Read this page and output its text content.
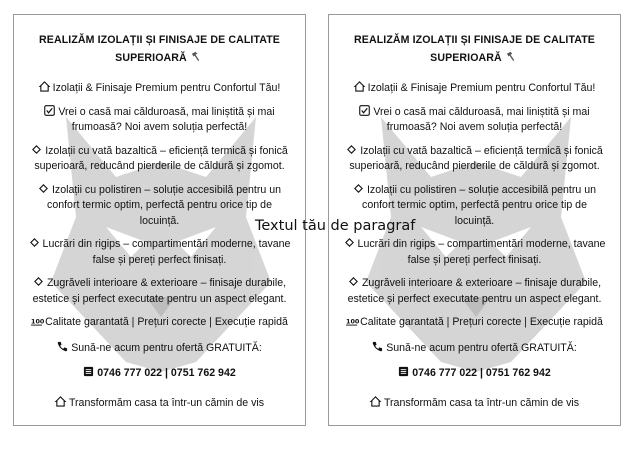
REALIZĂM IZOLAȚII ȘI FINISAJE DE CALITATE
SUPERIOARĂ
Izolații & Finisaje Premium pentru Confortul Tău!
Vrei o casă mai călduroasă, mai liniștită și mai frumoasă? Noi avem soluția perfectă!
Izolații cu vată bazaltică – eficiență termică și fonică superioară, reducând pierderile de căldură și zgomot.
Izolații cu polistiren – soluție accesibilă pentru un confort termic optim, perfectă pentru orice tip de locuință.
Lucrări din rigips – compartimentări moderne, tavane false și pereți perfect finisați.
Zugrăveli interioare & exterioare – finisaje durabile, estetice și perfect executate pentru un aspect elegant.
100 Calitate garantată | Prețuri corecte | Execuție rapidă
Sună-ne acum pentru ofertă GRATUITĂ:
0746 777 022 | 0751 762 942
Transformăm casa ta într-un cămin de vis
REALIZĂM IZOLAȚII ȘI FINISAJE DE CALITATE
SUPERIOARĂ
Izolații & Finisaje Premium pentru Confortul Tău!
Vrei o casă mai călduroasă, mai liniștită și mai frumoasă? Noi avem soluția perfectă!
Izolații cu vată bazaltică – eficiență termică și fonică superioară, reducând pierderile de căldură și zgomot.
Izolații cu polistiren – soluție accesibilă pentru un confort termic optim, perfectă pentru orice tip de locuință.
Lucrări din rigips – compartimentări moderne, tavane false și pereți perfect finisați.
Zugrăveli interioare & exterioare – finisaje durabile, estetice și perfect executate pentru un aspect elegant.
100 Calitate garantată | Prețuri corecte | Execuție rapidă
Sună-ne acum pentru ofertă GRATUITĂ:
0746 777 022 | 0751 762 942
Transformăm casa ta într-un cămin de vis
Textul tău de paragraf
